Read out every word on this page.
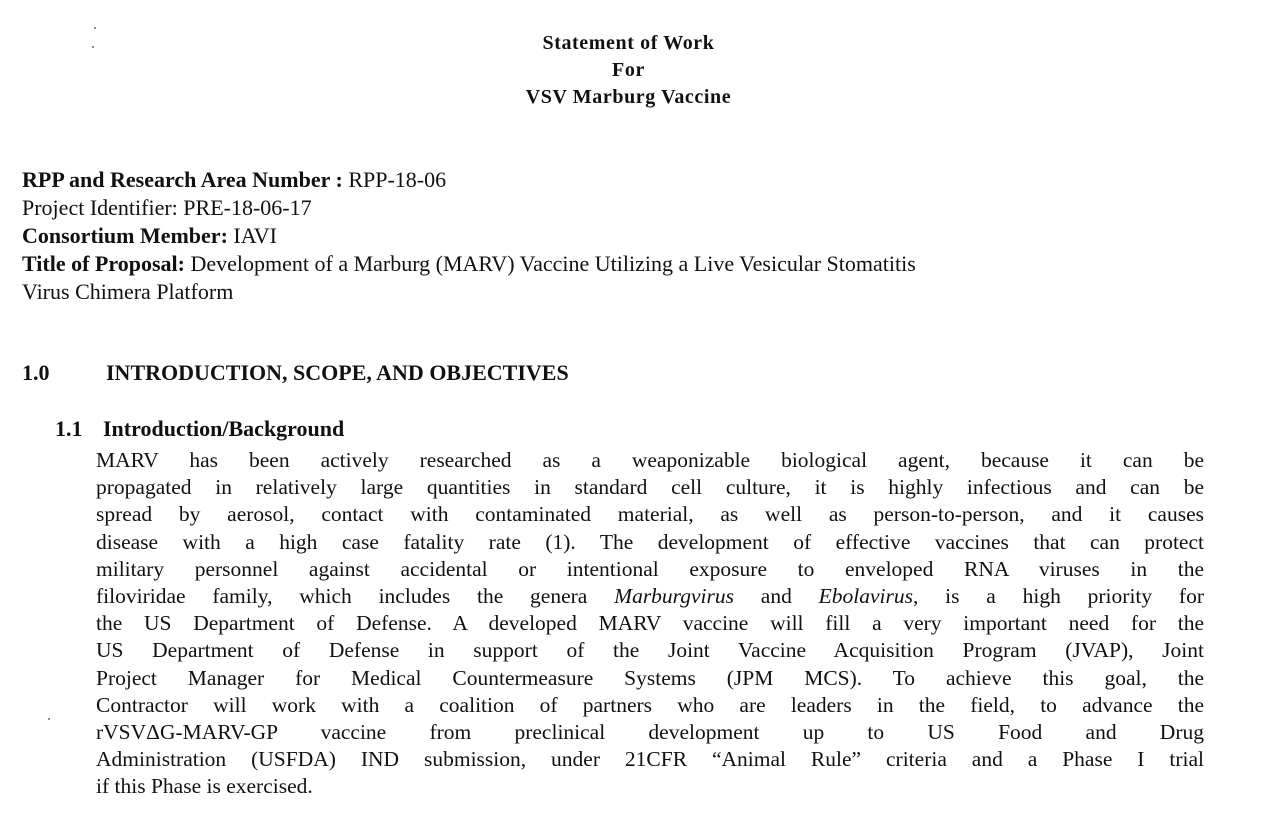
Statement of Work
For
VSV Marburg Vaccine
RPP and Research Area Number : RPP-18-06
Project Identifier: PRE-18-06-17
Consortium Member: IAVI
Title of Proposal: Development of a Marburg (MARV) Vaccine Utilizing a Live Vesicular Stomatitis
Virus Chimera Platform
1.0	INTRODUCTION, SCOPE, AND OBJECTIVES
1.1 Introduction/Background
MARV has been actively researched as a weaponizable biological agent, because it can be
propagated in relatively large quantities in standard cell culture, it is highly infectious and can be
spread by aerosol, contact with contaminated material, as well as person-to-person, and it causes
disease with a high case fatality rate (1). The development of effective vaccines that can protect
military personnel against accidental or intentional exposure to enveloped RNA viruses in the
filoviridae family, which includes the genera Marburgvirus and Ebolavirus, is a high priority for
the US Department of Defense. A developed MARV vaccine will fill a very important need for the
US Department of Defense in support of the Joint Vaccine Acquisition Program (JVAP), Joint
Project Manager for Medical Countermeasure Systems (JPM MCS). To achieve this goal, the
Contractor will work with a coalition of partners who are leaders in the field, to advance the
rVSVΔG-MARV-GP vaccine from preclinical development up to US Food and Drug
Administration (USFDA) IND submission, under 21CFR “Animal Rule” criteria and a Phase I trial
if this Phase is exercised.
